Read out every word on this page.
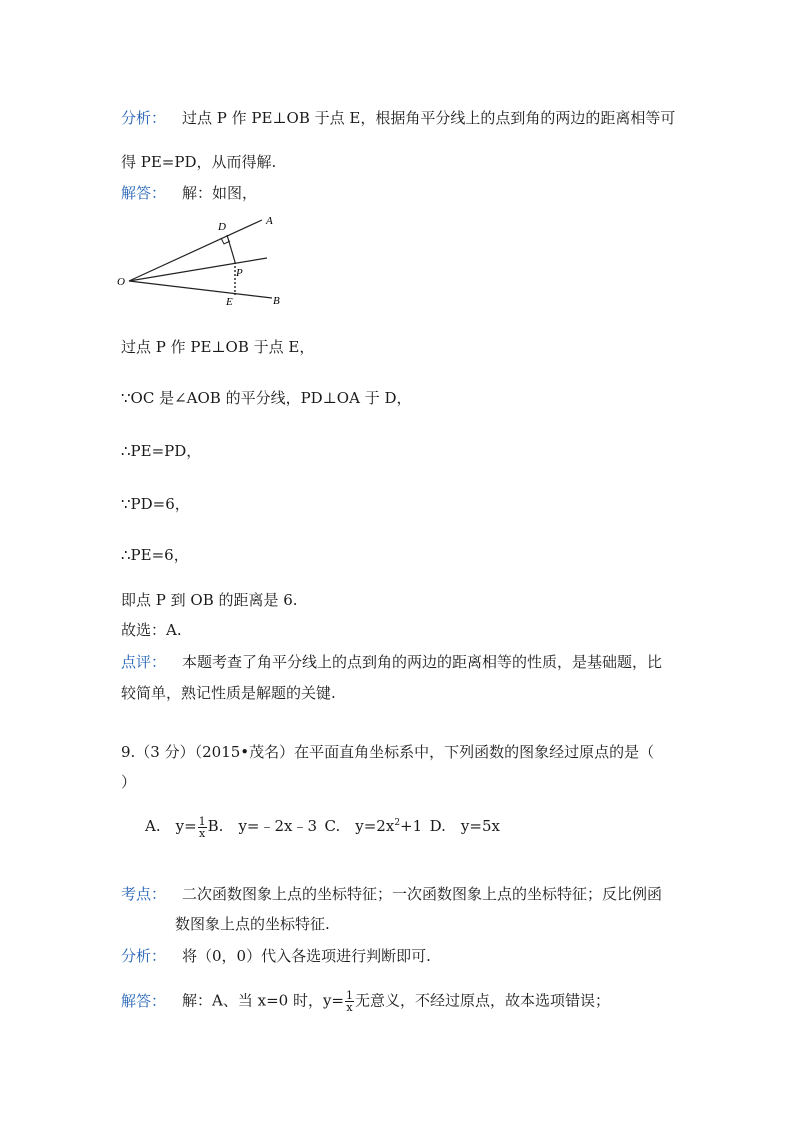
分析： 过点 P 作 PE⊥OB 于点 E，根据角平分线上的点到角的两边的距离相等可
得 PE=PD，从而得解.
解答： 解：如图，
O
A
B
D
P
E
过点 P 作 PE⊥OB 于点 E，
∵OC 是∠AOB 的平分线，PD⊥OA 于 D，
∴PE=PD，
∵PD=6，
∴PE=6，
即点 P 到 OB 的距离是 6.
故选：A.
点评： 本题考查了角平分线上的点到角的两边的距离相等的性质，是基础题，比
较简单，熟记性质是解题的关键.
9.（3 分）（2015•茂名）在平面直角坐标系中，下列函数的图象经过原点的是（
）
A.　$y= \frac{1}{x} B$.　y=﹣2x﹣3  C.　$y=2x^2+1$  D.　y=5x
考点： 二次函数图象上点的坐标特征；一次函数图象上点的坐标特征；反比例函
数图象上点的坐标特征.
分析： 将（0，0）代入各选项进行判断即可.
解答： 解：A、当 x=0 时，$y= \frac{1}{x}$ 无意义，不经过原点，故本选项错误；
